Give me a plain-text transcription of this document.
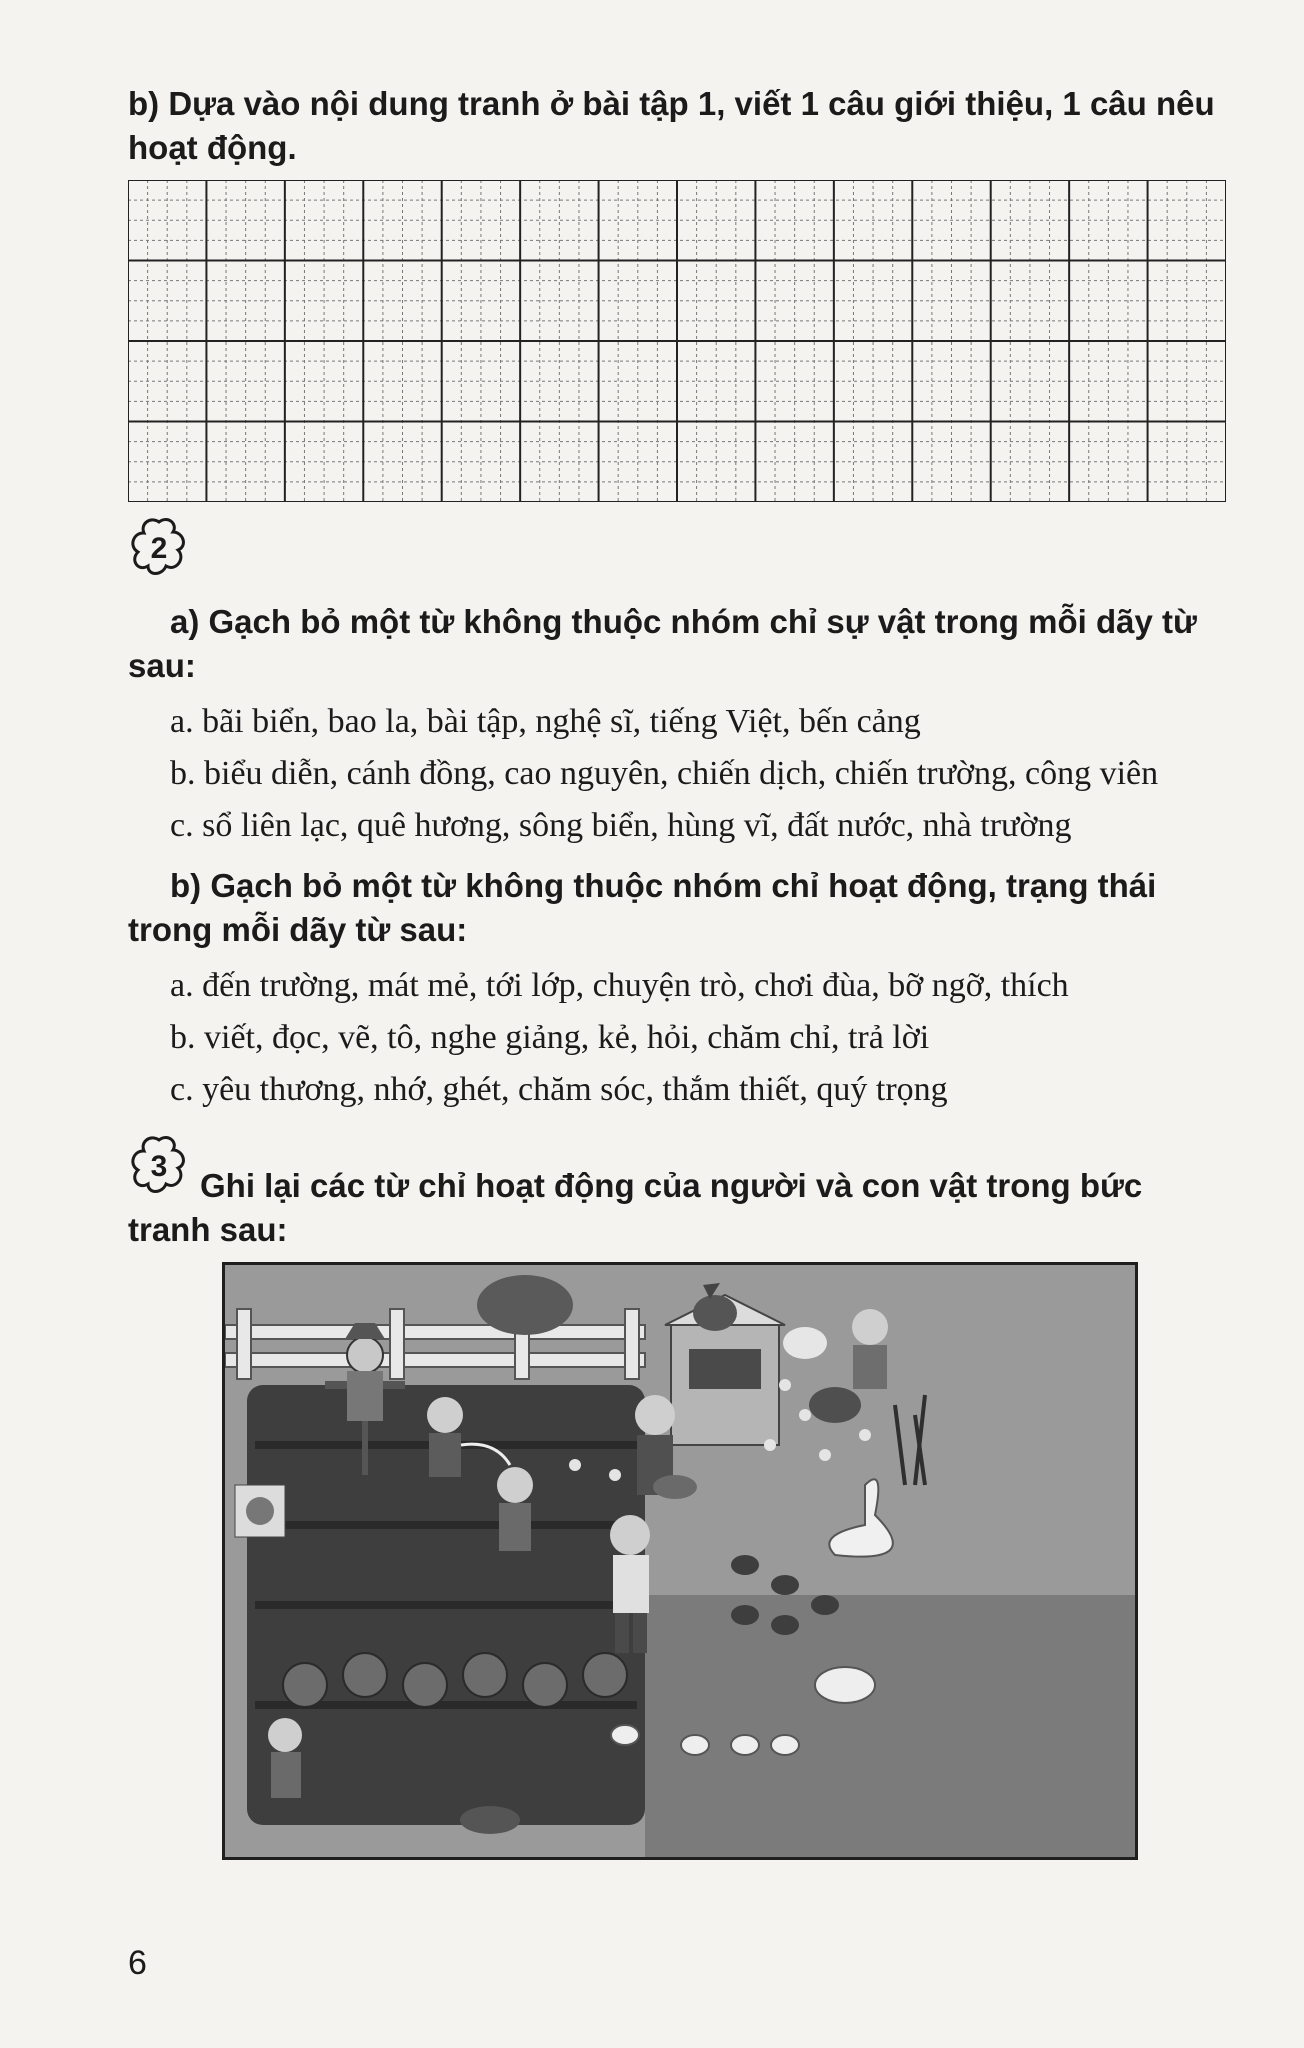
b) Dựa vào nội dung tranh ở bài tập 1, viết 1 câu giới thiệu, 1 câu nêu hoạt động.
2
a) Gạch bỏ một từ không thuộc nhóm chỉ sự vật trong mỗi dãy từ sau:
a. bãi biển, bao la, bài tập, nghệ sĩ, tiếng Việt, bến cảng
b. biểu diễn, cánh đồng, cao nguyên, chiến dịch, chiến trường, công viên
c. sổ liên lạc, quê hương, sông biển, hùng vĩ, đất nước, nhà trường
b) Gạch bỏ một từ không thuộc nhóm chỉ hoạt động, trạng thái trong mỗi dãy từ sau:
a. đến trường, mát mẻ, tới lớp, chuyện trò, chơi đùa, bỡ ngỡ, thích
b. viết, đọc, vẽ, tô, nghe giảng, kẻ, hỏi, chăm chỉ, trả lời
c. yêu thương, nhớ, ghét, chăm sóc, thắm thiết, quý trọng
3
Ghi lại các từ chỉ hoạt động của người và con vật trong bức tranh sau:
6
